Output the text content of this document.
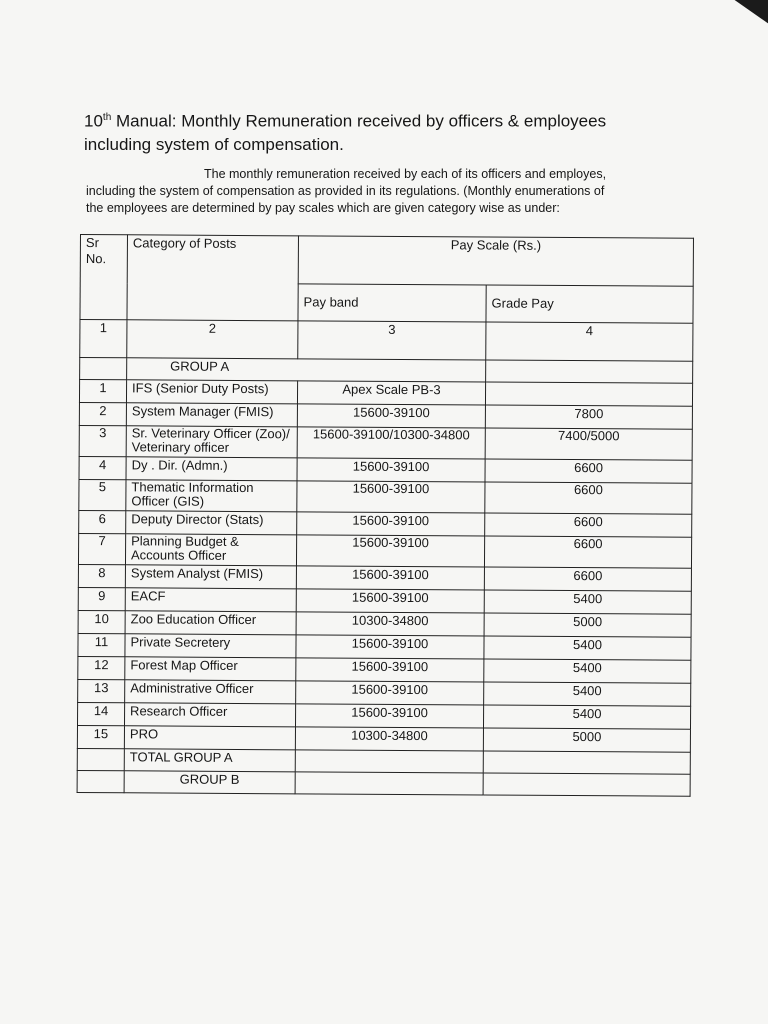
10th Manual: Monthly Remuneration received by officers & employees
including system of compensation.

The monthly remuneration received by each of its officers and employes,
including the system of compensation as provided in its regulations. (Monthly enumerations of
the employees are determined by pay scales which are given category wise as under:

Sr
No.	Category of Posts	Pay Scale (Rs.)	
		Pay band	Grade Pay
1	2	3	4
	GROUP A		
1	IFS (Senior Duty Posts)	Apex Scale PB-3	
2	System Manager (FMIS)	15600-39100	7800
3	Sr. Veterinary Officer (Zoo)/ Veterinary officer	15600-39100/10300-34800	7400/5000
4	Dy . Dir. (Admn.)	15600-39100	6600
5	Thematic Information Officer (GIS)	15600-39100	6600
6	Deputy Director (Stats)	15600-39100	6600
7	Planning Budget & Accounts Officer	15600-39100	6600
8	System Analyst (FMIS)	15600-39100	6600
9	EACF	15600-39100	5400
10	Zoo Education Officer	10300-34800	5000
11	Private Secretery	15600-39100	5400
12	Forest Map Officer	15600-39100	5400
13	Administrative Officer	15600-39100	5400
14	Research Officer	15600-39100	5400
15	PRO	10300-34800	5000
	TOTAL GROUP A		
	GROUP B		
